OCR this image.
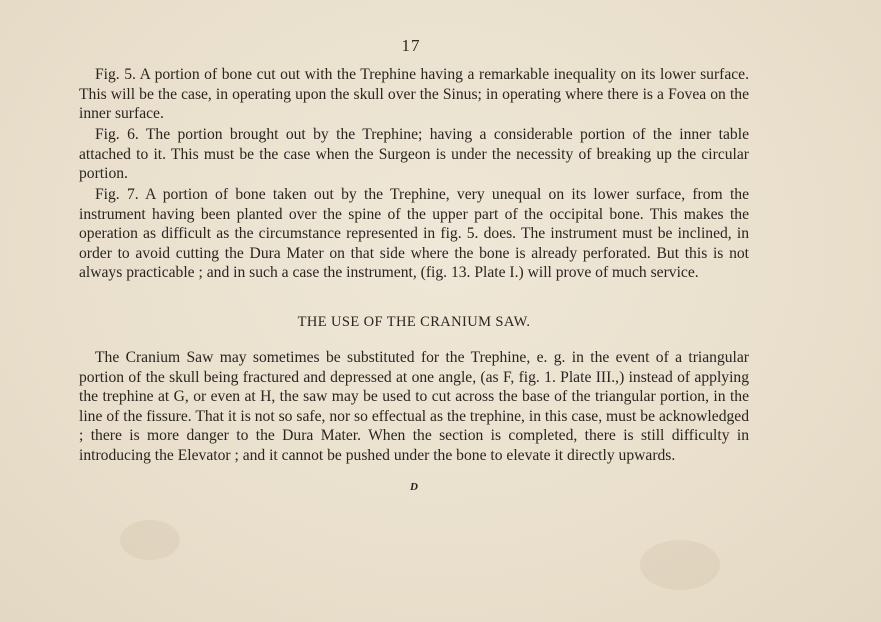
17

Fig. 5. A portion of bone cut out with the Trephine having a remarkable inequality on its lower surface. This will be the case, in operating upon the skull over the Sinus; in operating where there is a Fovea on the inner surface.

Fig. 6. The portion brought out by the Trephine; having a considerable portion of the inner table attached to it. This must be the case when the Surgeon is under the necessity of breaking up the circular portion.

Fig. 7. A portion of bone taken out by the Trephine, very unequal on its lower surface, from the instrument having been planted over the spine of the upper part of the occipital bone. This makes the operation as difficult as the circumstance represented in fig. 5. does. The instrument must be inclined, in order to avoid cutting the Dura Mater on that side where the bone is already perforated. But this is not always practicable ; and in such a case the instrument, (fig. 13. Plate I.) will prove of much service.

THE USE OF THE CRANIUM SAW.

The Cranium Saw may sometimes be substituted for the Trephine, e. g. in the event of a triangular portion of the skull being fractured and depressed at one angle, (as F, fig. 1. Plate III.,) instead of applying the trephine at G, or even at H, the saw may be used to cut across the base of the triangular portion, in the line of the fissure. That it is not so safe, nor so effectual as the trephine, in this case, must be acknowledged ; there is more danger to the Dura Mater. When the section is completed, there is still difficulty in introducing the Elevator ; and it cannot be pushed under the bone to elevate it directly upwards.

D
